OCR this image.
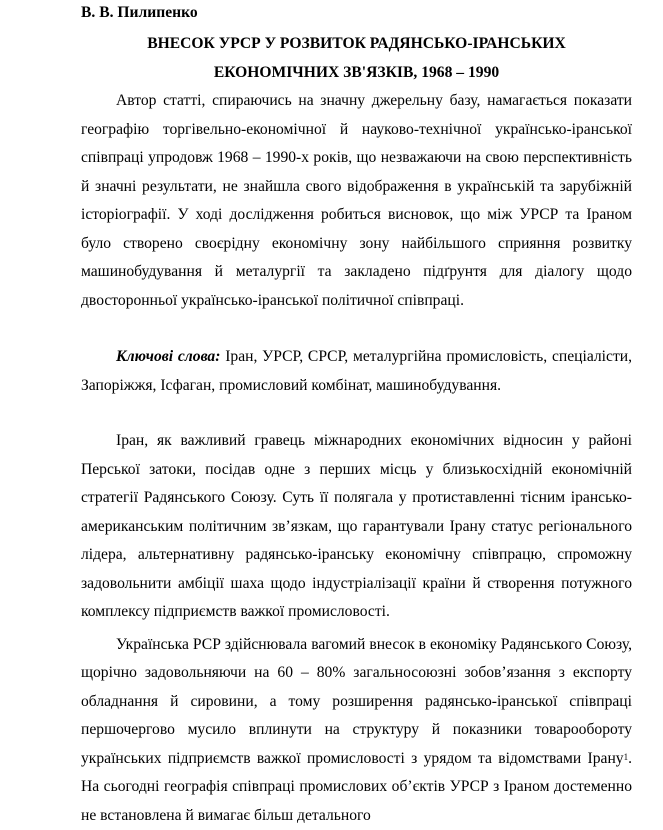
В. В. Пилипенко
ВНЕСОК УРСР У РОЗВИТОК РАДЯНСЬКО-ІРАНСЬКИХ
ЕКОНОМІЧНИХ ЗВ'ЯЗКІВ, 1968 – 1990

Автор статті, спираючись на значну джерельну базу, намагається показати географію торгівельно-економічної й науково-технічної українсько-іранської співпраці упродовж 1968 – 1990-х років, що незважаючи на свою перспективність й значні результати, не знайшла свого відображення в українській та зарубіжній історіографії. У ході дослідження робиться висновок, що між УРСР та Іраном було створено своєрідну економічну зону найбільшого сприяння розвитку машинобудування й металургії та закладено підґрунтя для діалогу щодо двосторонньої українсько-іранської політичної співпраці.

Ключові слова: Іран, УРСР, СРСР, металургійна промисловість, спеціалісти, Запоріжжя, Ісфаган, промисловий комбінат, машинобудування.

Іран, як важливий гравець міжнародних економічних відносин у районі Перської затоки, посідав одне з перших місць у близькосхідній економічній стратегії Радянського Союзу. Суть її полягала у протиставленні тісним ірансько-американським політичним зв’язкам, що гарантували Ірану статус регіонального лідера, альтернативну радянсько-іранську економічну співпрацю, спроможну задовольнити амбіції шаха щодо індустріалізації країни й створення потужного комплексу підприємств важкої промисловості.

Українська РСР здійснювала вагомий внесок в економіку Радянського Союзу, щорічно задовольняючи на 60 – 80% загальносоюзні зобов’язання з експорту обладнання й сировини, а тому розширення радянсько-іранської співпраці першочергово мусило вплинути на структуру й показники товарообороту українських підприємств важкої промисловості з урядом та відомствами Ірану$^1$. На сьогодні географія співпраці промислових об’єктів УРСР з Іраном достеменно не встановлена й вимагає більш детального
